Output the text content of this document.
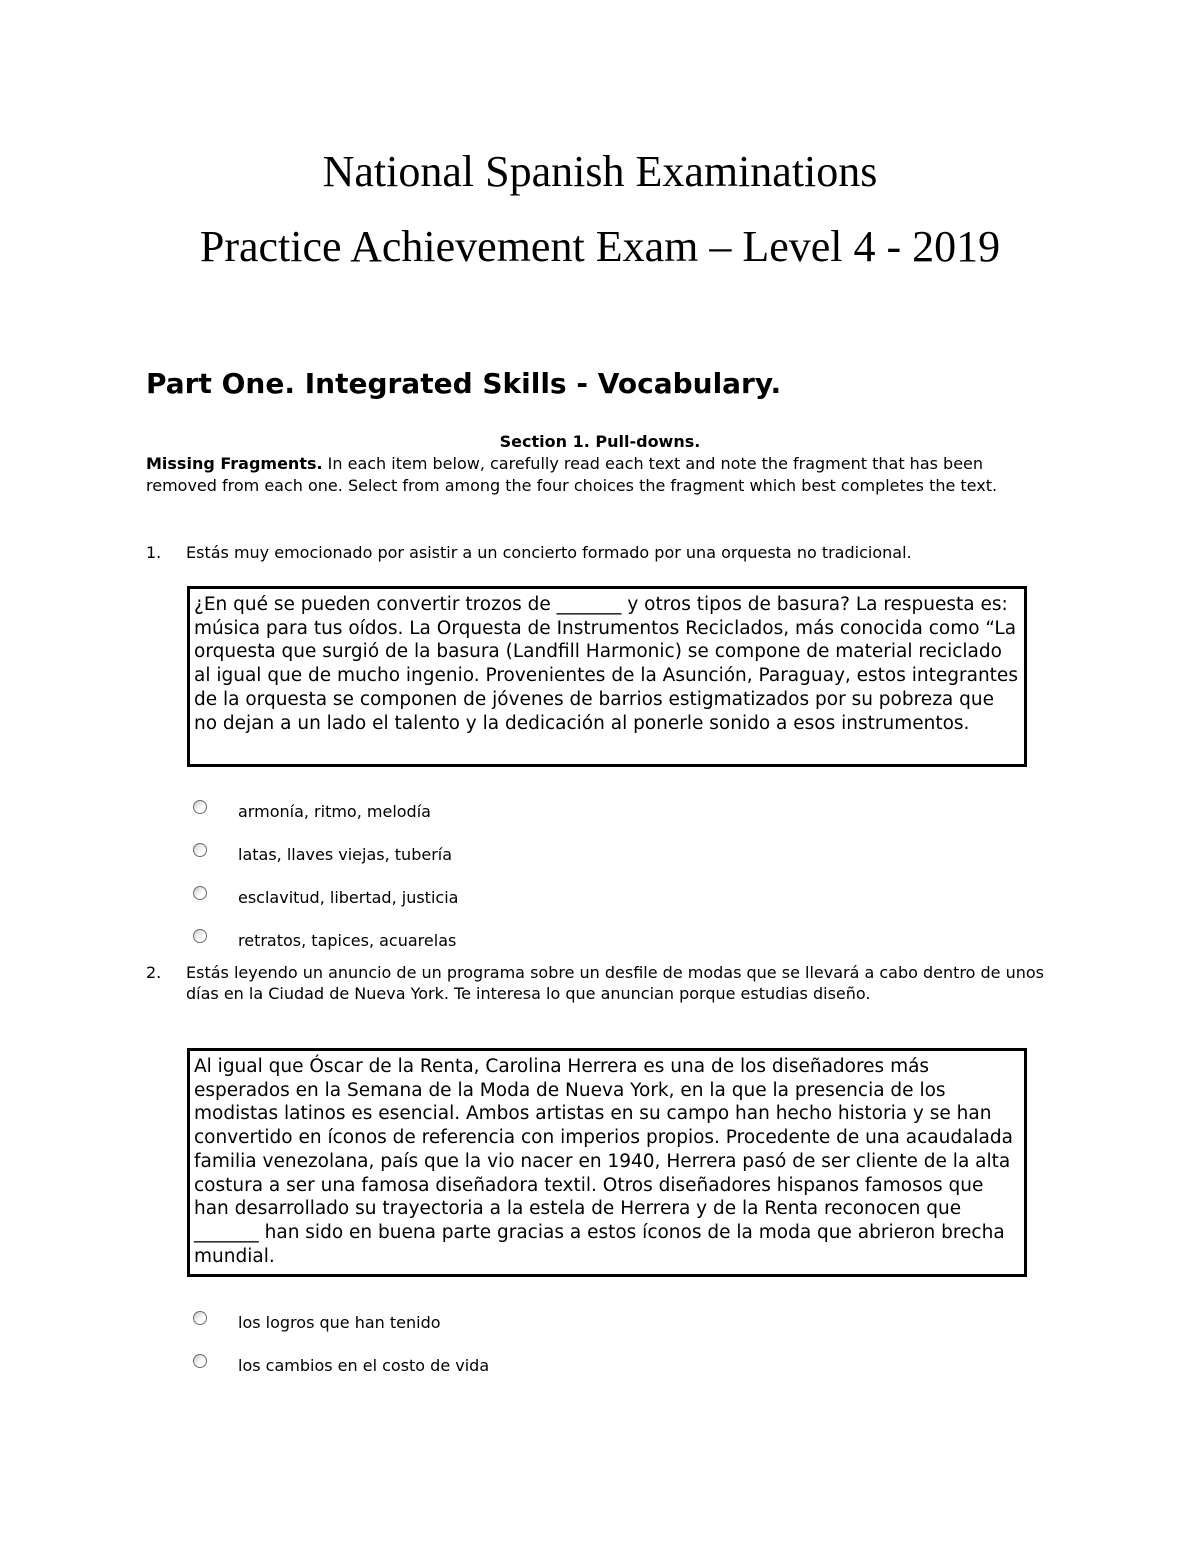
National Spanish Examinations
Practice Achievement Exam – Level 4 - 2019
Part One. Integrated Skills - Vocabulary.

Section 1. Pull-downs.

Missing Fragments. In each item below, carefully read each text and note the fragment that has been removed from each one. Select from among the four choices the fragment which best completes the text.

1.	Estás muy emocionado por asistir a un concierto formado por una orquesta no tradicional.
¿En qué se pueden convertir trozos de _______ y otros tipos de basura? La respuesta es: música para tus oídos. La Orquesta de Instrumentos Reciclados, más conocida como “La orquesta que surgió de la basura (Landfill Harmonic) se compone de material reciclado al igual que de mucho ingenio. Provenientes de la Asunción, Paraguay, estos integrantes de la orquesta se componen de jóvenes de barrios estigmatizados por su pobreza que no dejan a un lado el talento y la dedicación al ponerle sonido a esos instrumentos.
armonía, ritmo, melodía
latas, llaves viejas, tubería
esclavitud, libertad, justicia
retratos, tapices, acuarelas
2.	Estás leyendo un anuncio de un programa sobre un desfile de modas que se llevará a cabo dentro de unos días en la Ciudad de Nueva York. Te interesa lo que anuncian porque estudias diseño.
Al igual que Óscar de la Renta, Carolina Herrera es una de los diseñadores más esperados en la Semana de la Moda de Nueva York, en la que la presencia de los modistas latinos es esencial. Ambos artistas en su campo han hecho historia y se han convertido en íconos de referencia con imperios propios. Procedente de una acaudalada familia venezolana, país que la vio nacer en 1940, Herrera pasó de ser cliente de la alta costura a ser una famosa diseñadora textil. Otros diseñadores hispanos famosos que han desarrollado su trayectoria a la estela de Herrera y de la Renta reconocen que _______ han sido en buena parte gracias a estos íconos de la moda que abrieron brecha mundial.
los logros que han tenido
los cambios en el costo de vida
